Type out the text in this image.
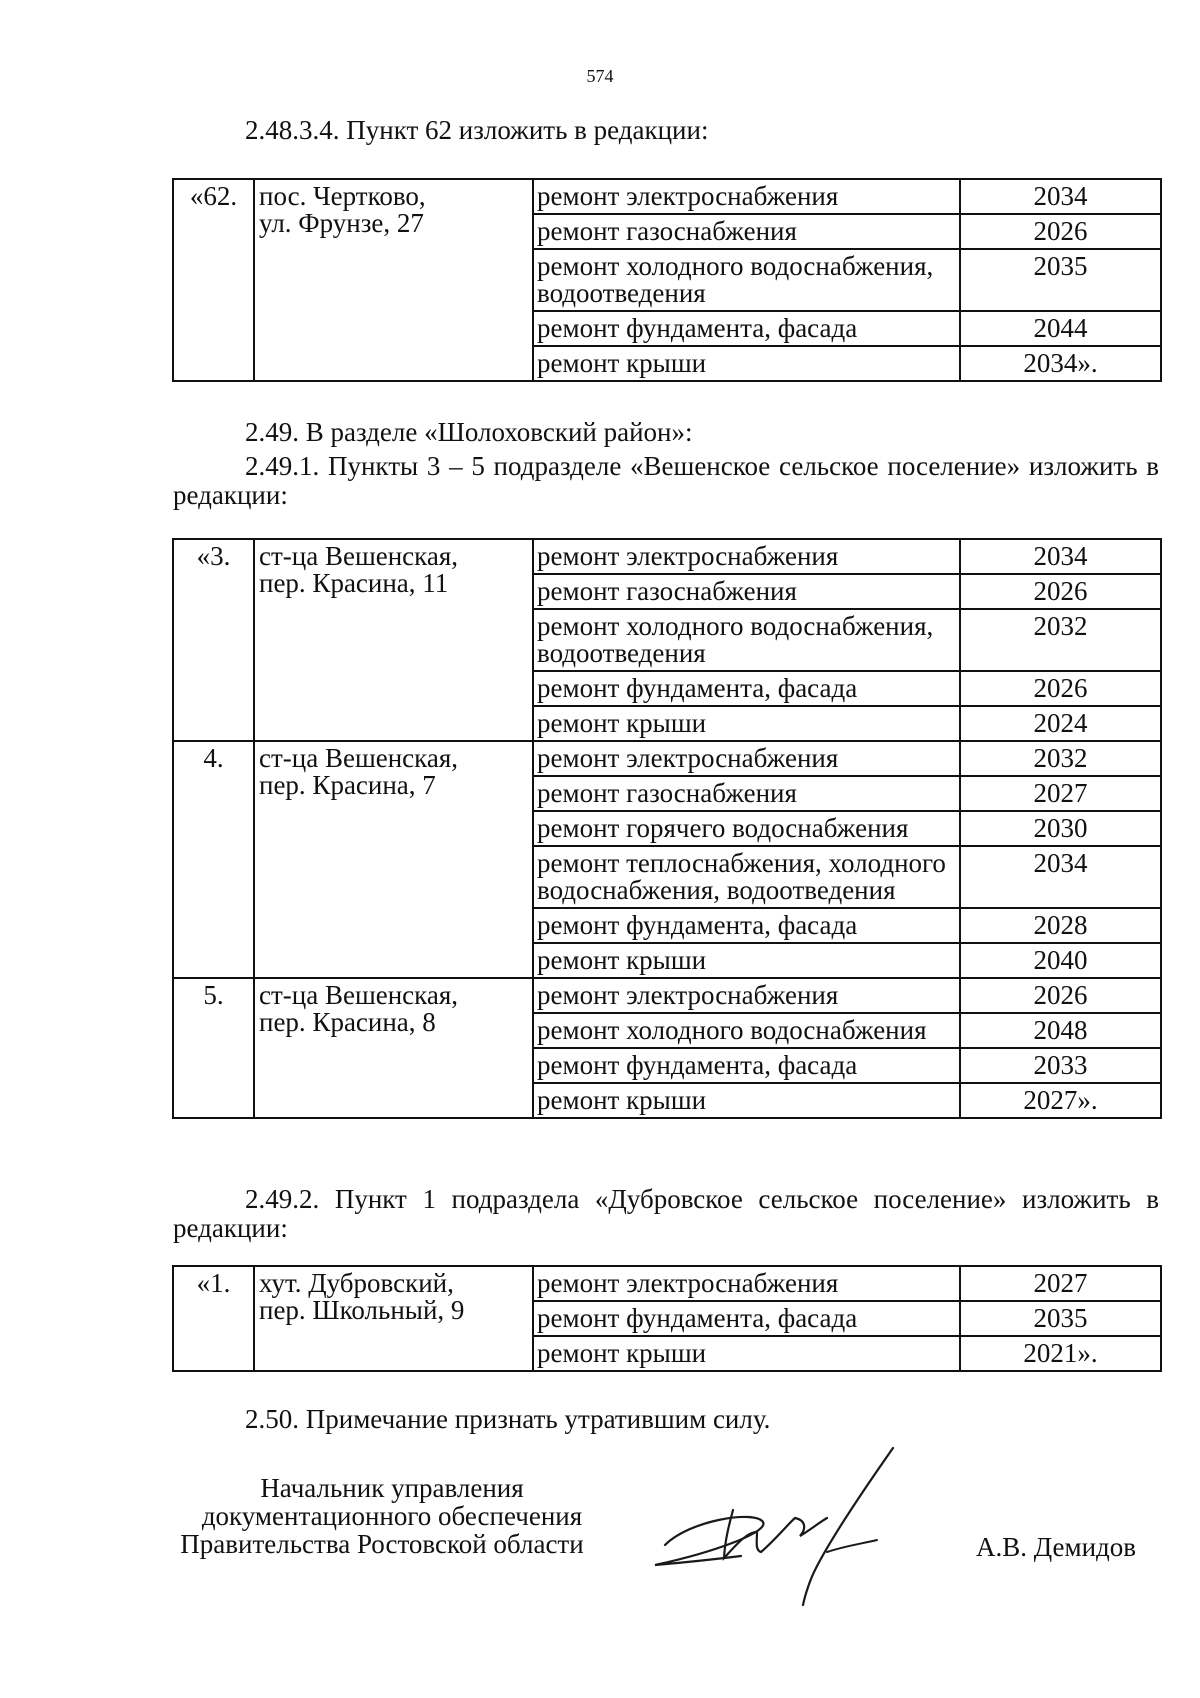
574
2.48.3.4. Пункт 62 изложить в редакции:
«62.	пос. Чертково,
ул. Фрунзе, 27	ремонт электроснабжения	2034
		ремонт газоснабжения	2026
		ремонт холодного водоснабжения, водоотведения	2035
		ремонт фундамента, фасада	2044
		ремонт крыши	2034».
2.49. В разделе «Шолоховский район»:
2.49.1. Пункты 3 – 5 подразделе «Вешенское сельское поселение» изложить в редакции:
«3.	ст-ца Вешенская,
пер. Красина, 11	ремонт электроснабжения	2034
		ремонт газоснабжения	2026
		ремонт холодного водоснабжения, водоотведения	2032
		ремонт фундамента, фасада	2026
		ремонт крыши	2024
4.	ст-ца Вешенская,
пер. Красина, 7	ремонт электроснабжения	2032
		ремонт газоснабжения	2027
		ремонт горячего водоснабжения	2030
		ремонт теплоснабжения, холодного водоснабжения, водоотведения	2034
		ремонт фундамента, фасада	2028
		ремонт крыши	2040
5.	ст-ца Вешенская,
пер. Красина, 8	ремонт электроснабжения	2026
		ремонт холодного водоснабжения	2048
		ремонт фундамента, фасада	2033
		ремонт крыши	2027».
2.49.2. Пункт 1 подраздела «Дубровское сельское поселение» изложить в редакции:
«1.	хут. Дубровский,
пер. Школьный, 9	ремонт электроснабжения	2027
		ремонт фундамента, фасада	2035
		ремонт крыши	2021».
2.50. Примечание признать утратившим силу.
Начальник управления
документационного обеспечения
Правительства Ростовской области	А.В. Демидов
